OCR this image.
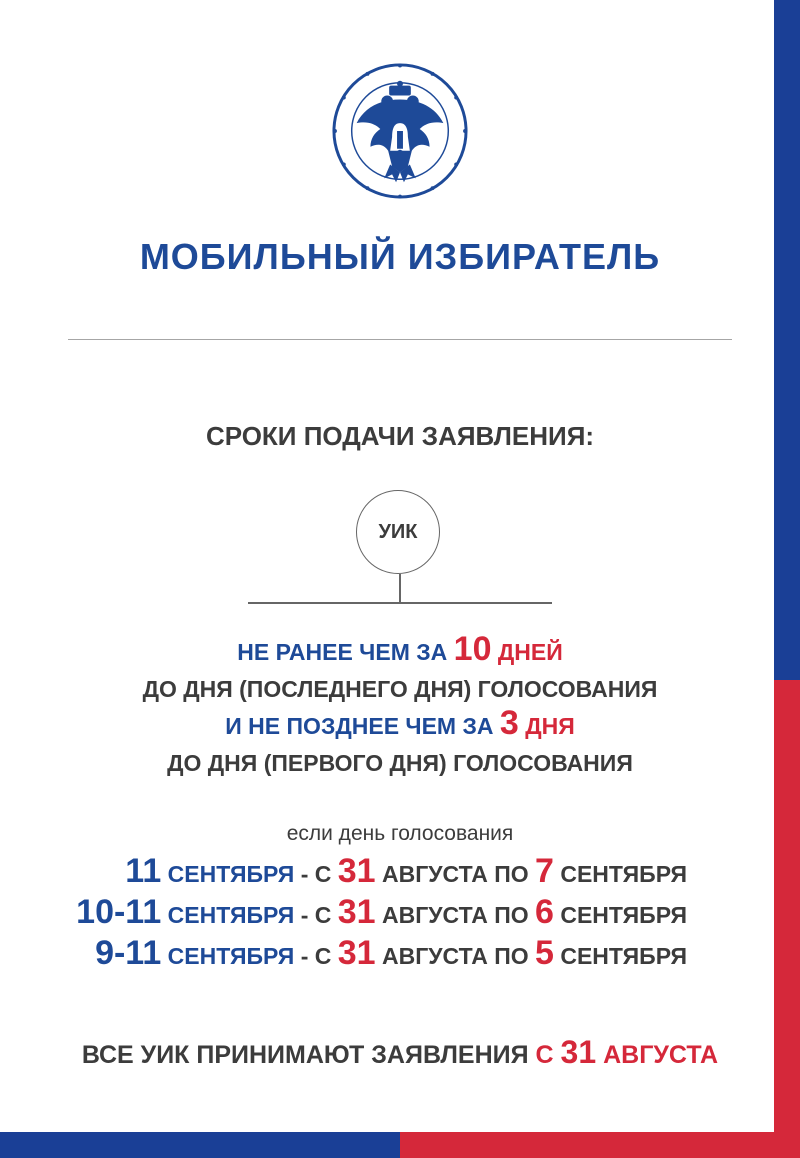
МОБИЛЬНЫЙ ИЗБИРАТЕЛЬ
СРОКИ ПОДАЧИ ЗАЯВЛЕНИЯ:
УИК
НЕ РАНЕЕ ЧЕМ ЗА 10 ДНЕЙ
ДО ДНЯ (ПОСЛЕДНЕГО ДНЯ) ГОЛОСОВАНИЯ
И НЕ ПОЗДНЕЕ ЧЕМ ЗА 3 ДНЯ
ДО ДНЯ (ПЕРВОГО ДНЯ) ГОЛОСОВАНИЯ
если день голосования
11 СЕНТЯБРЯ - С 31 АВГУСТА ПО 7 СЕНТЯБРЯ
10-11 СЕНТЯБРЯ - С 31 АВГУСТА ПО 6 СЕНТЯБРЯ
9-11 СЕНТЯБРЯ - С 31 АВГУСТА ПО 5 СЕНТЯБРЯ
ВСЕ УИК ПРИНИМАЮТ ЗАЯВЛЕНИЯ С 31 АВГУСТА
